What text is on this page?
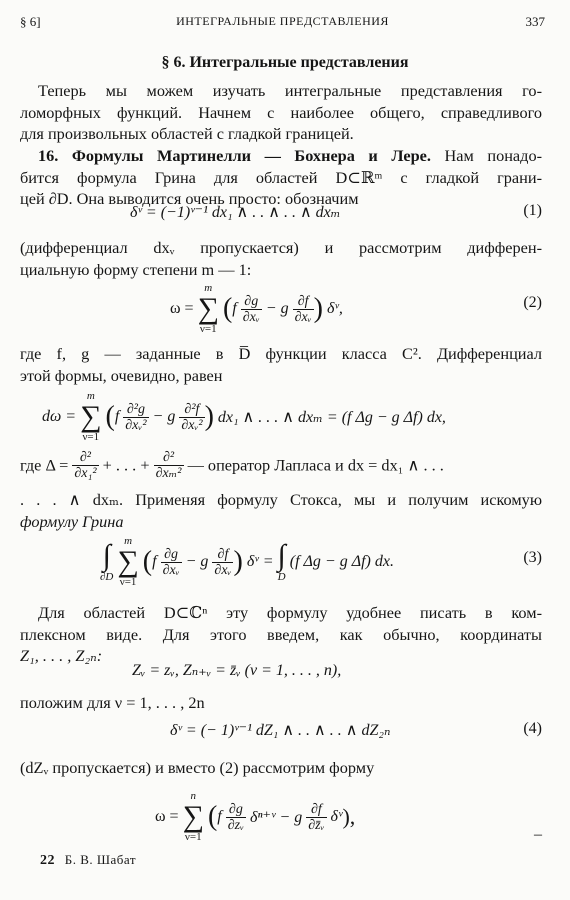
§ 6]	ИНТЕГРАЛЬНЫЕ ПРЕДСТАВЛЕНИЯ	337
§ 6. Интегральные представления
Теперь мы можем изучать интегральные представления го-
ломорфных функций. Начнем с наиболее общего, справедливого
для произвольных областей с гладкой границей.
16. Формулы Мартинелли — Бохнера и Лере. Нам понадо-
бится формула Грина для областей D⊂ℝᵐ с гладкой грани-
цей ∂D. Она выводится очень просто: обозначим
δᵛ = (−1)ᵛ⁻¹ dx₁ ∧ . . ∧ . . ∧ dxₘ	(1)
(дифференциал dxᵥ пропускается) и рассмотрим дифферен-
циальную форму степени m — 1:
ω =
m
∑
ν=1
($f \frac{\partial g}{\text{∂xᵥ}} - g \frac{\partial f}{\text{∂xᵥ}}$ ) δᵛ,	(2)
где f, g — заданные в D̅ функции класса C². Дифференциал
этой формы, очевидно, равен
dω =
m
∑
ν=1
($f \frac{\text{∂²g}}{\text{∂xᵥ²}} - g \frac{\text{∂²f}}{\text{∂xᵥ²}}$ ) dx₁ ∧ . . . ∧ dxₘ = (f Δg − g Δf) dx,
где $\Delta = \frac{\text{∂²}}{\text{∂x₁²}}$ + . . . + $\frac{\text{∂²}}{\text{∂xₘ²}}$ — оператор Лапласа и dx = dx₁ ∧ . . .
. . . ∧ dxₘ. Применяя формулу Стокса, мы и получим искомую
формулу Грина
∫
∂D

m
∑
ν=1
($f \frac{\partial g}{\text{∂xᵥ}} - g \frac{\partial f}{\text{∂xᵥ}}$ ) δᵛ = ∫
D
(f Δg − g Δf) dx.	(3)
Для областей D⊂ℂⁿ эту формулу удобнее писать в ком-
плексном виде. Для этого введем, как обычно, координаты
Z₁, . . . , Z₂ₙ:
Zᵥ = zᵥ, Zₙ₊ᵥ = z̄ᵥ (ν = 1, . . . , n),
положим для ν = 1, . . . , 2n
δᵛ = (− 1)ᵛ⁻¹ dZ₁ ∧ . . ∧ . . ∧ dZ₂ₙ	(4)
(dZᵥ пропускается) и вместо (2) рассмотрим форму
ω =
n
∑
ν=1
($f \frac{\partial g}{\text{∂zᵥ}}$ δⁿ⁺ᵛ − g $\frac{\partial f}{\text{∂z̄ᵥ}}$ δᵛ),
–
22 Б. В. Шабат
